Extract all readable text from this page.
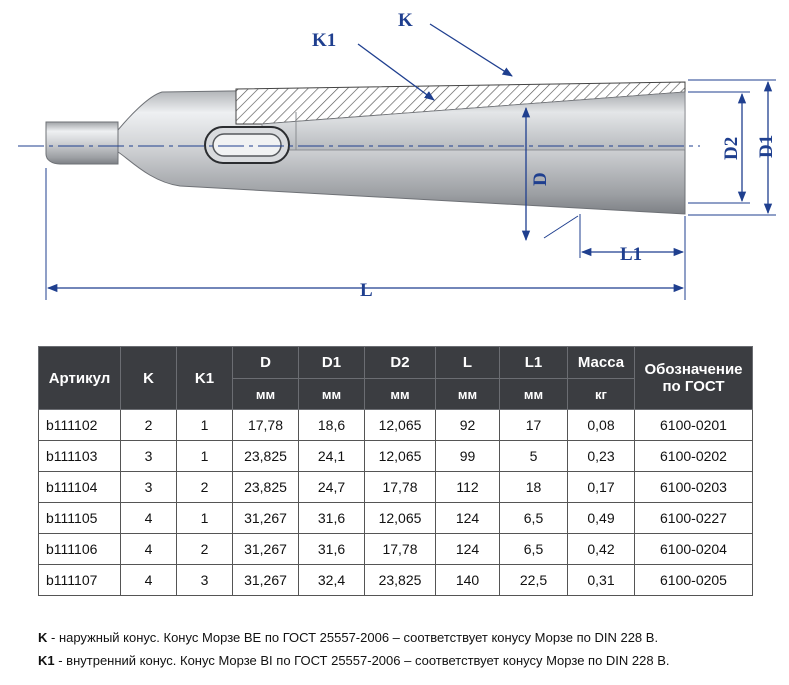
K
K1
D
D2 D1
L1
L
Артикул	K	K1	D	D1	D2	L	L1	Масса	Обозначение по ГОСТ
			мм	мм	мм	мм	мм	кг	
b111102	2	1	17,78	18,6	12,065	92	17	0,08	6100-0201
b111103	3	1	23,825	24,1	12,065	99	5	0,23	6100-0202
b111104	3	2	23,825	24,7	17,78	112	18	0,17	6100-0203
b111105	4	1	31,267	31,6	12,065	124	6,5	0,49	6100-0227
b111106	4	2	31,267	31,6	17,78	124	6,5	0,42	6100-0204
b111107	4	3	31,267	32,4	23,825	140	22,5	0,31	6100-0205
K - наружный конус. Конус Морзе ВЕ по ГОСТ 25557-2006 – соответствует конусу Морзе по DIN 228 B.
K1 - внутренний конус. Конус Морзе ВI по ГОСТ 25557-2006 – соответствует конусу Морзе по DIN 228 B.
